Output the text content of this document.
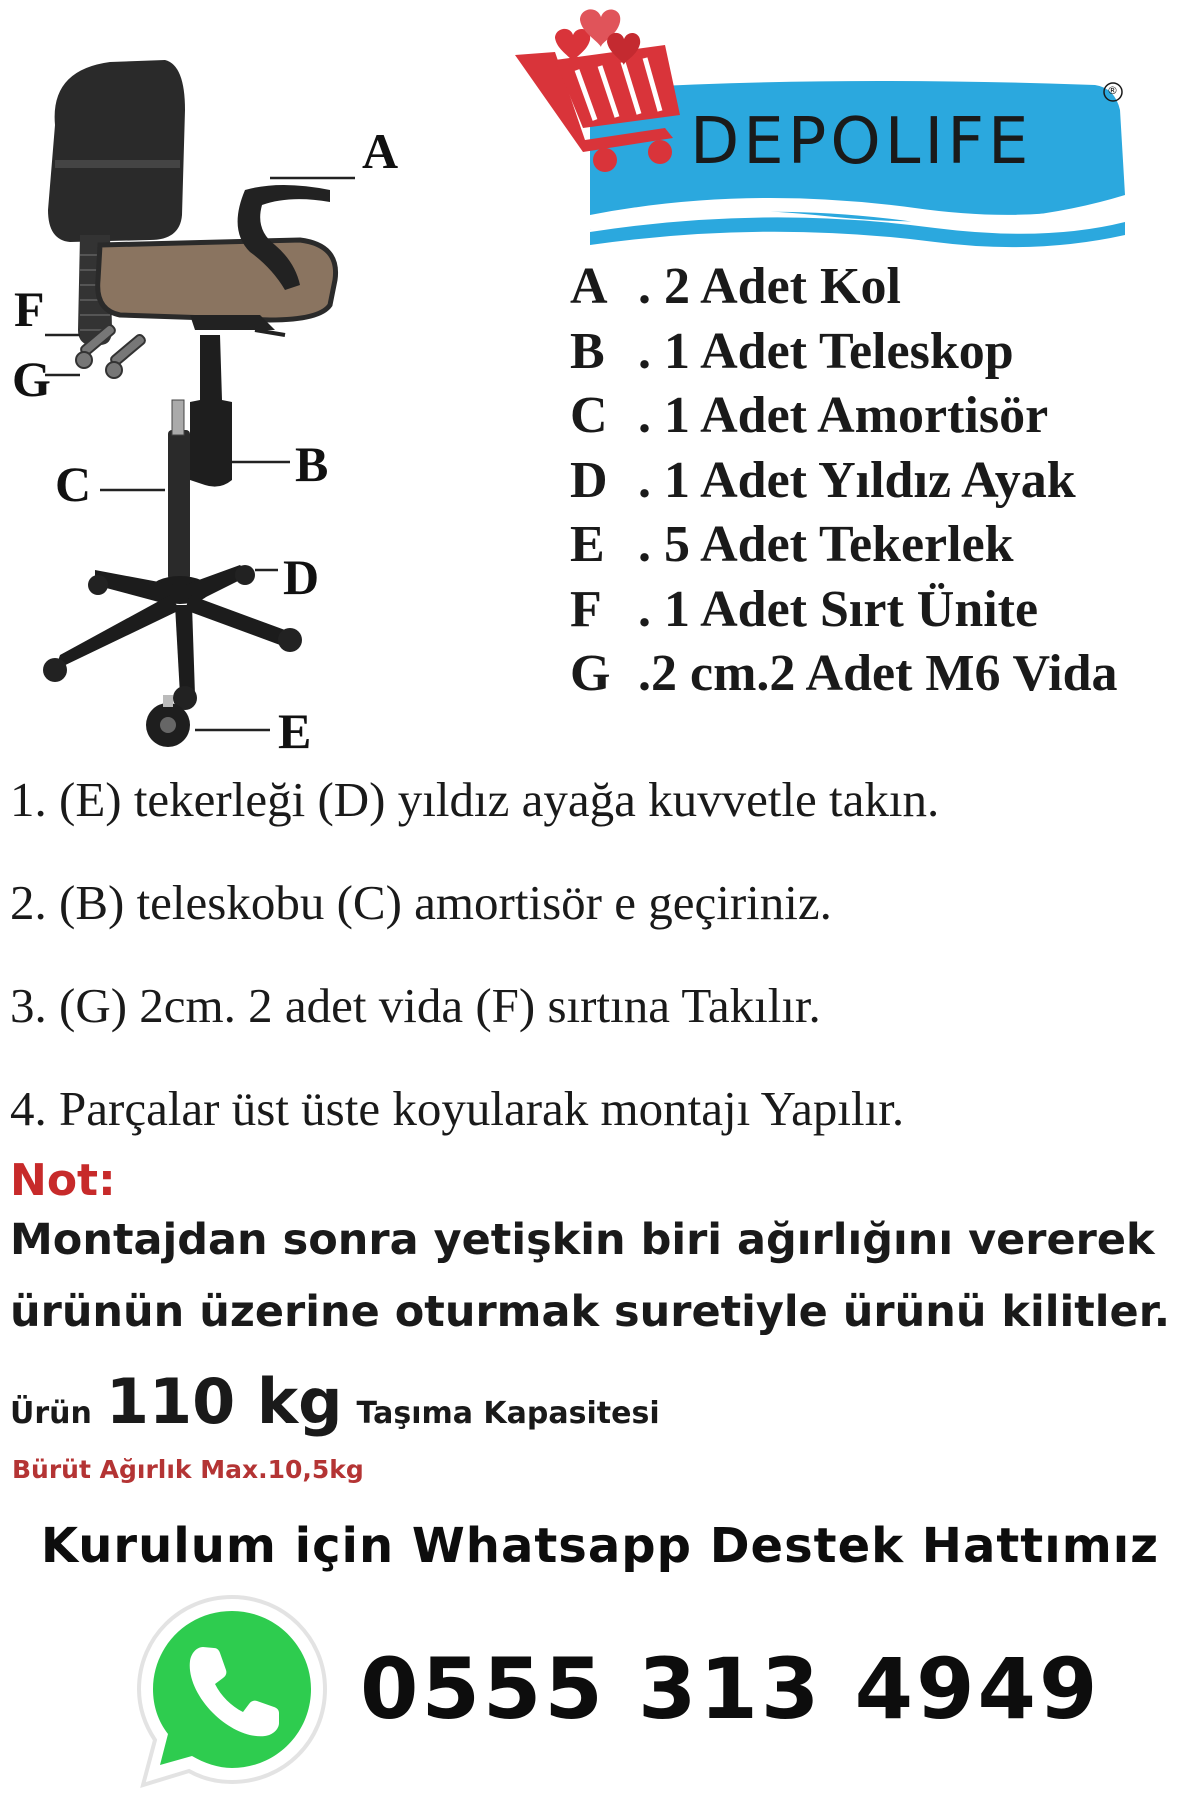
A
F
G
B
C
D
E
®
DEPOLIFE
A . 2 Adet Kol
B . 1 Adet Teleskop
C . 1 Adet Amortisör
D . 1 Adet Yıldız Ayak
E . 5 Adet Tekerlek
F . 1 Adet Sırt Ünite
G .2 cm.2 Adet M6 Vida
1. (E) tekerleği (D) yıldız ayağa kuvvetle takın.
2. (B) teleskobu (C) amortisör e geçiriniz.
3. (G) 2cm. 2 adet vida (F) sırtına Takılır.
4. Parçalar üst üste koyularak montajı Yapılır.
Not:
Montajdan sonra yetişkin biri ağırlığını vererek
ürünün üzerine oturmak suretiyle ürünü kilitler.
Ürün 110 kg Taşıma Kapasitesi
Bürüt Ağırlık Max.10,5kg
Kurulum için Whatsapp Destek Hattımız
0555 313 4949
